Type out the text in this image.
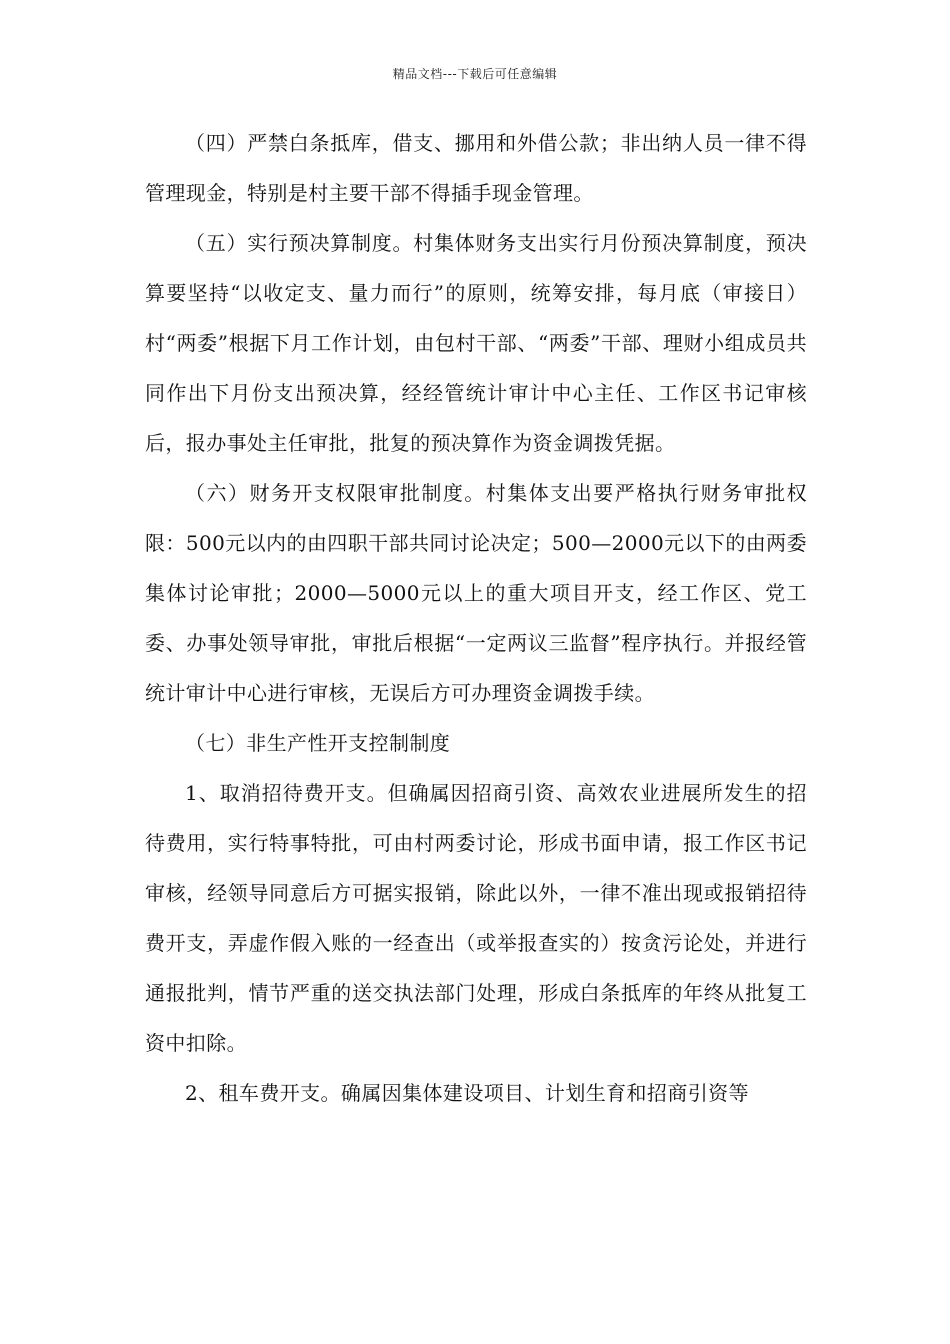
精品文档---下载后可任意编辑

（四）严禁白条抵库，借支、挪用和外借公款；非出纳人员一律不得管理现金，特别是村主要干部不得插手现金管理。

（五）实行预决算制度。村集体财务支出实行月份预决算制度，预决算要坚持“以收定支、量力而行”的原则，统筹安排，每月底（审接日）村“两委”根据下月工作计划，由包村干部、“两委”干部、理财小组成员共同作出下月份支出预决算，经经管统计审计中心主任、工作区书记审核后，报办事处主任审批，批复的预决算作为资金调拨凭据。

（六）财务开支权限审批制度。村集体支出要严格执行财务审批权限：500元以内的由四职干部共同讨论决定；500—2000元以下的由两委集体讨论审批；2000—5000元以上的重大项目开支，经工作区、党工委、办事处领导审批，审批后根据“一定两议三监督”程序执行。并报经管统计审计中心进行审核，无误后方可办理资金调拨手续。

（七）非生产性开支控制制度

1、取消招待费开支。但确属因招商引资、高效农业进展所发生的招待费用，实行特事特批，可由村两委讨论，形成书面申请，报工作区书记审核，经领导同意后方可据实报销，除此以外，一律不准出现或报销招待费开支，弄虚作假入账的一经查出（或举报查实的）按贪污论处，并进行通报批判，情节严重的送交执法部门处理，形成白条抵库的年终从批复工资中扣除。

2、租车费开支。确属因集体建设项目、计划生育和招商引资等
